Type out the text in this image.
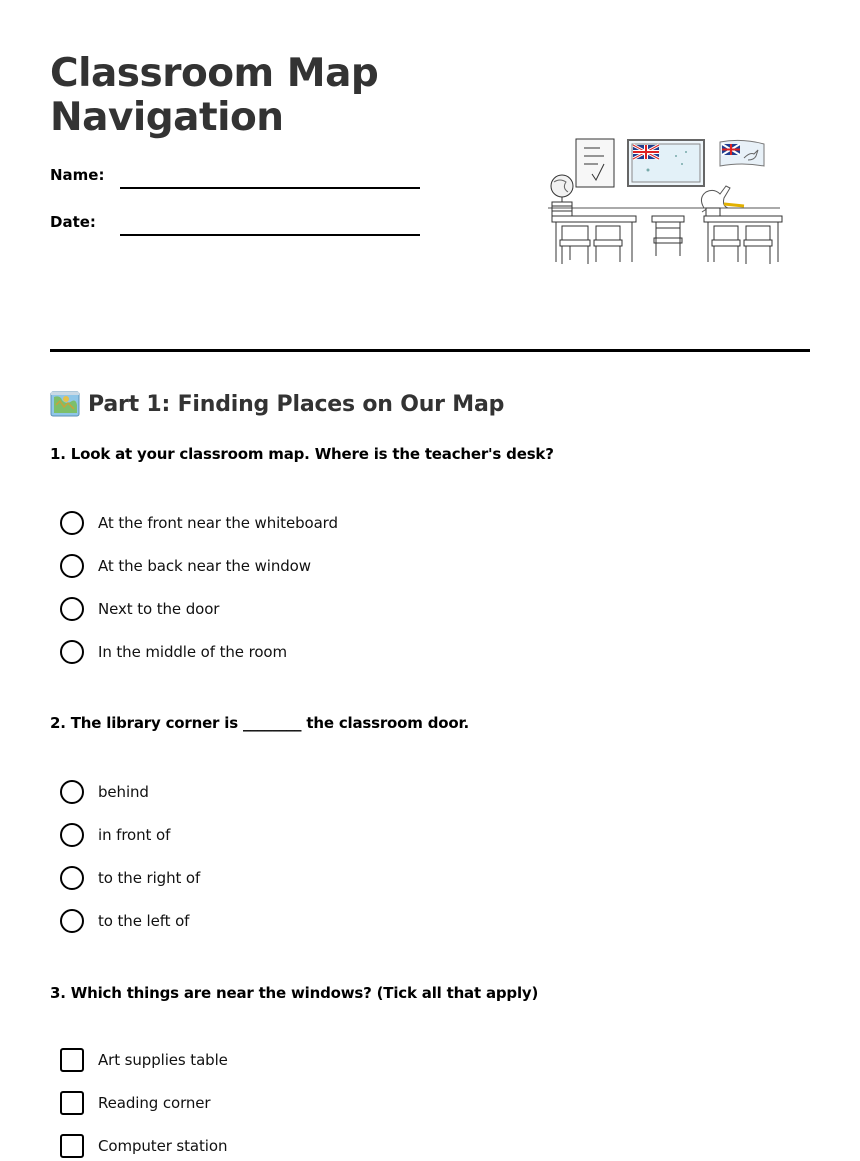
Classroom Map Navigation
Name:
Date:
Part 1: Finding Places on Our Map
1. Look at your classroom map. Where is the teacher's desk?
At the front near the whiteboard
At the back near the window
Next to the door
In the middle of the room
2. The library corner is ________ the classroom door.
behind
in front of
to the right of
to the left of
3. Which things are near the windows? (Tick all that apply)
Art supplies table
Reading corner
Computer station
